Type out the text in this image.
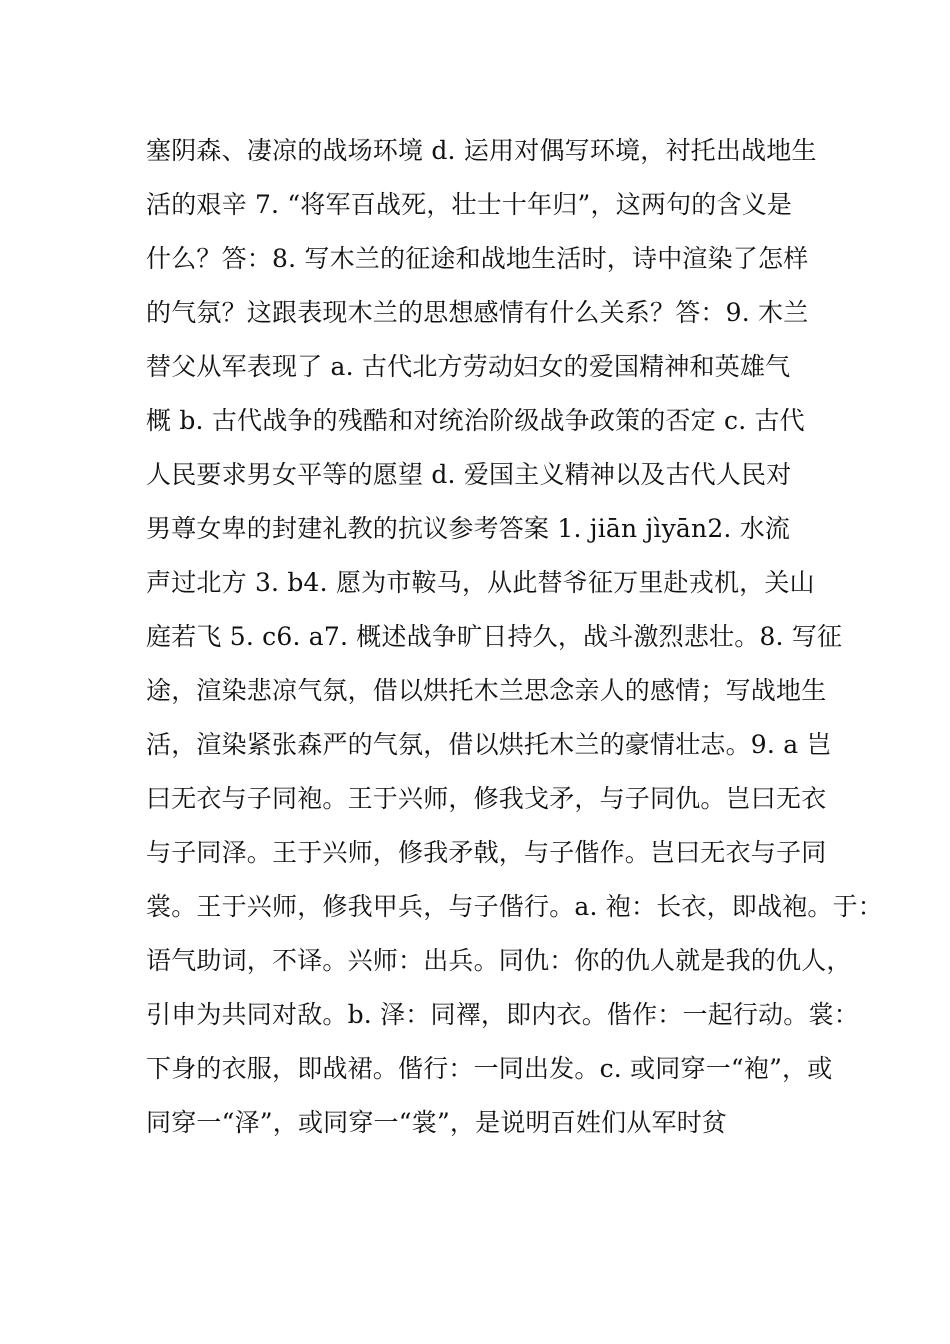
塞阴森、凄凉的战场环境 d. 运用对偶写环境，衬托出战地生
活的艰辛 7. “将军百战死，壮士十年归”，这两句的含义是
什么？答：8. 写木兰的征途和战地生活时，诗中渲染了怎样
的气氛？这跟表现木兰的思想感情有什么关系？答：9. 木兰
替父从军表现了 a. 古代北方劳动妇女的爱国精神和英雄气
概 b. 古代战争的残酷和对统治阶级战争政策的否定 c. 古代
人民要求男女平等的愿望 d. 爱国主义精神以及古代人民对
男尊女卑的封建礼教的抗议参考答案 1. jiān jìyān2. 水流
声过北方 3. b4. 愿为市鞍马，从此替爷征万里赴戎机，关山
庭若飞 5. c6. a7. 概述战争旷日持久，战斗激烈悲壮。8. 写征
途，渲染悲凉气氛，借以烘托木兰思念亲人的感情；写战地生
活，渲染紧张森严的气氛，借以烘托木兰的豪情壮志。9. a 岂
曰无衣与子同袍。王于兴师，修我戈矛，与子同仇。岂曰无衣
与子同泽。王于兴师，修我矛戟，与子偕作。岂曰无衣与子同
裳。王于兴师，修我甲兵，与子偕行。a. 袍：长衣，即战袍。于：
语气助词，不译。兴师：出兵。同仇：你的仇人就是我的仇人，
引申为共同对敌。b. 泽：同襗，即内衣。偕作：一起行动。裳：
下身的衣服，即战裙。偕行：一同出发。c. 或同穿一“袍”，或
同穿一“泽”，或同穿一“裳”，是说明百姓们从军时贫
